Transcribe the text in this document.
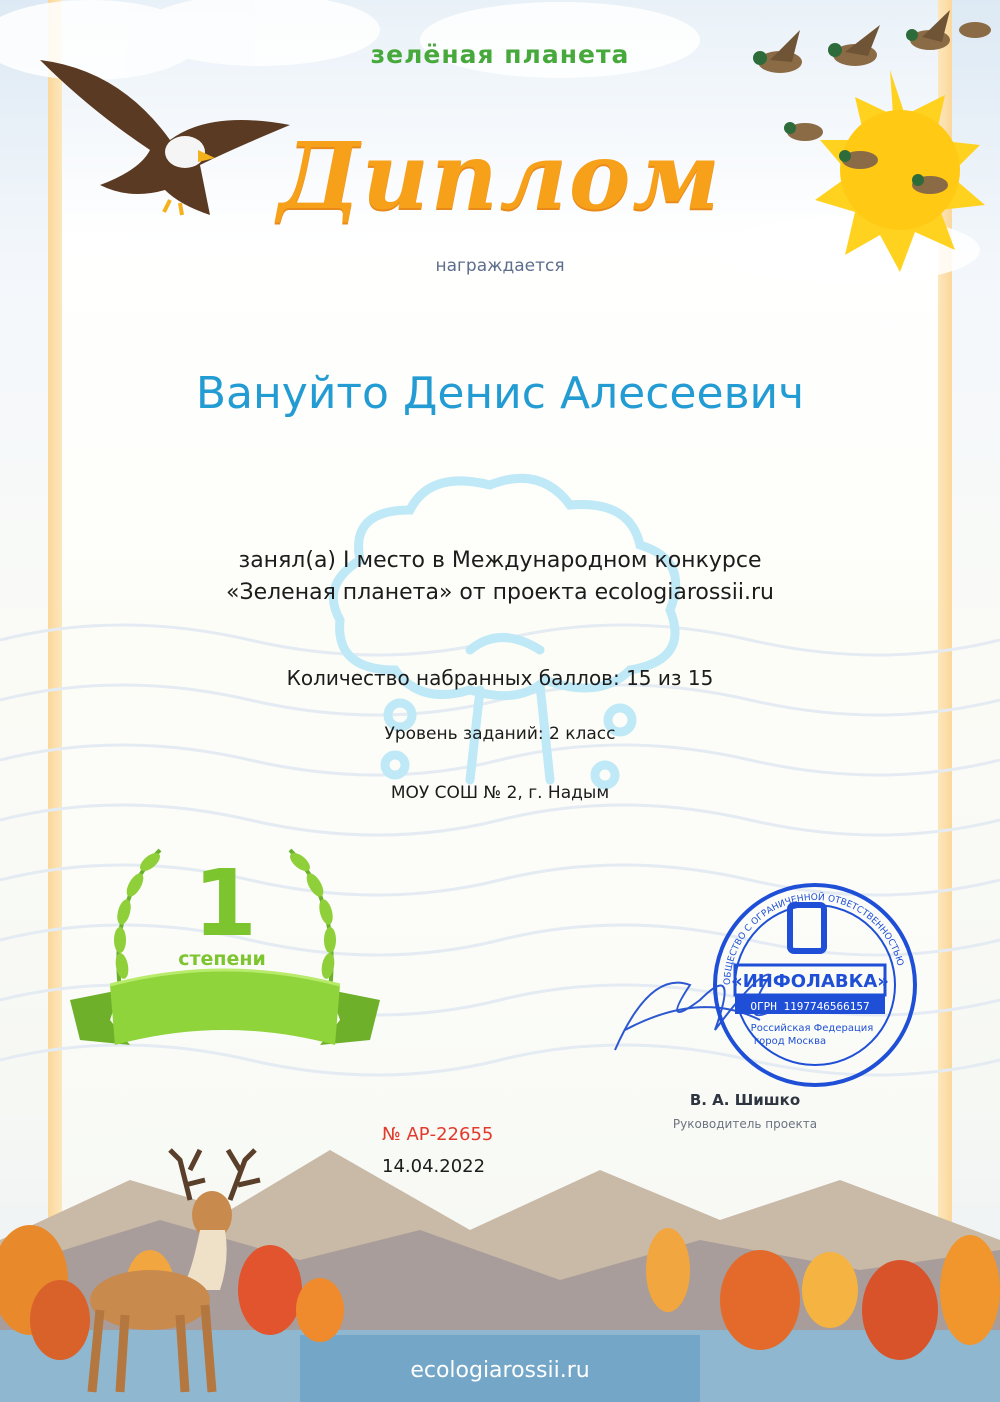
ОБЩЕСТВО С ОГРАНИЧЕННОЙ ОТВЕТСТВЕННОСТЬЮ
«ИНФОЛАВКА»
ОГРН 1197746566157
Российская Федерация
город Москва
1
степени
зелёная планета
Диплом
награждается
Вануйто Денис Алесеевич
занял(а) I место в Международном конкурсе
«Зеленая планета» от проекта ecologiarossii.ru
Количество набранных баллов: 15 из 15
Уровень заданий: 2 класс
МОУ СОШ № 2, г. Надым
№ АР-22655
14.04.2022
В. А. Шишко
Руководитель проекта
ecologiarossii.ru
